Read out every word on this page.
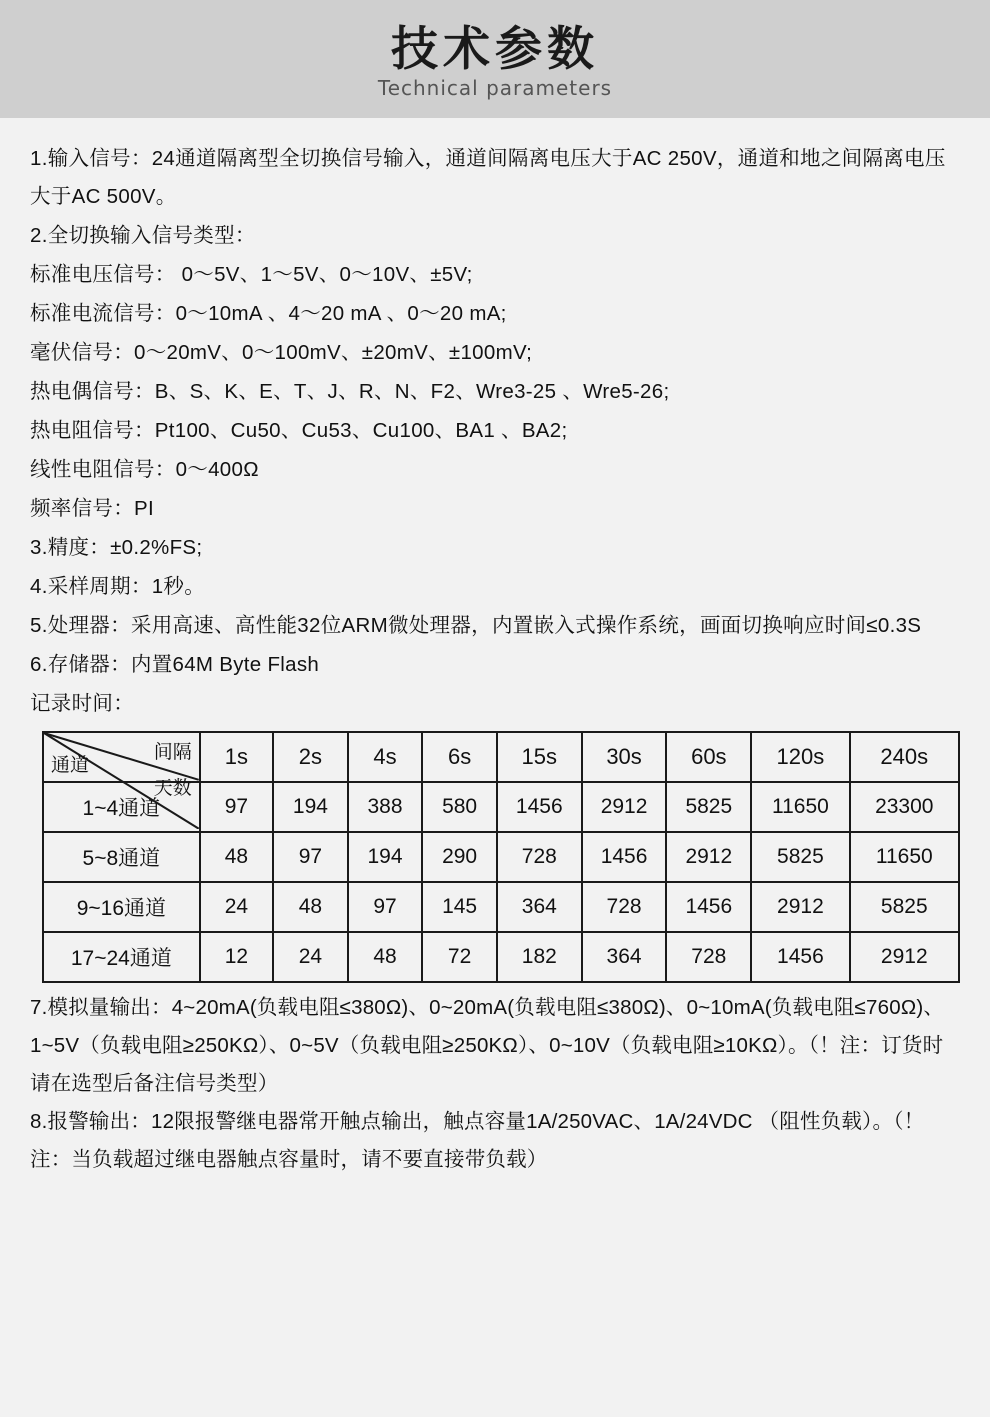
技术参数
Technical parameters

1.输入信号：24通道隔离型全切换信号输入，通道间隔离电压大于AC 250V，通道和地之间隔离电压大于AC 500V。

2.全切换输入信号类型：

标准电压信号： 0～5V、1～5V、0～10V、±5V;

标准电流信号：0～10mA 、4～20 mA 、0～20 mA;

毫伏信号：0～20mV、0～100mV、±20mV、±100mV;

热电偶信号：B、S、K、E、T、J、R、N、F2、Wre3-25 、Wre5-26;

热电阻信号：Pt100、Cu50、Cu53、Cu100、BA1 、BA2;

线性电阻信号：0～400Ω

频率信号：PI

3.精度：±0.2%FS;

4.采样周期：1秒。

5.处理器：采用高速、高性能32位ARM微处理器，内置嵌入式操作系统，画面切换响应时间≤0.3S

6.存储器：内置64M Byte Flash

记录时间：

间隔
天数
通道	1s	2s	4s	6s	15s	30s	60s	120s	240s
1~4通道	97	194	388	580	1456	2912	5825	11650	23300
5~8通道	48	97	194	290	728	1456	2912	5825	11650
9~16通道	24	48	97	145	364	728	1456	2912	5825
17~24通道	12	24	48	72	182	364	728	1456	2912

7.模拟量输出：4~20mA(负载电阻≤380Ω)、0~20mA(负载电阻≤380Ω)、0~10mA(负载电阻≤760Ω)、1~5V（负载电阻≥250KΩ）、0~5V（负载电阻≥250KΩ）、0~10V（负载电阻≥10KΩ）。（！注：订货时请在选型后备注信号类型）

8.报警输出：12限报警继电器常开触点输出，触点容量1A/250VAC、1A/24VDC （阻性负载）。（！注：当负载超过继电器触点容量时，请不要直接带负载）
